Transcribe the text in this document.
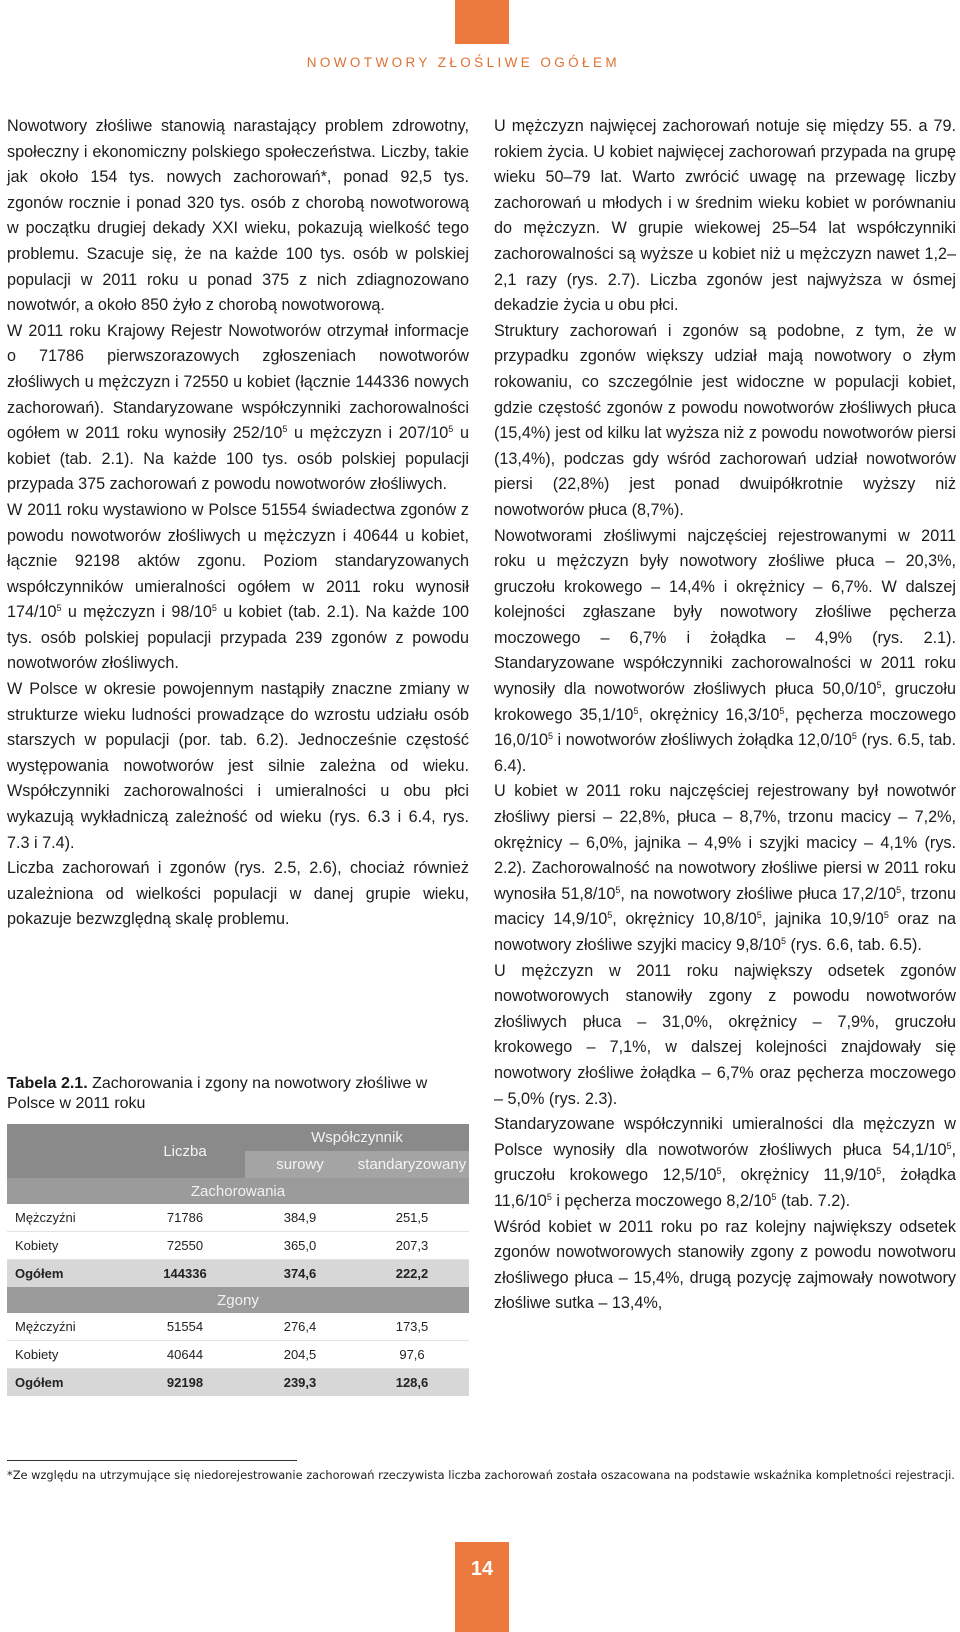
NOWOTWORY ZŁOŚLIWE OGÓŁEM

Nowotwory złośliwe stanowią narastający problem zdrowotny, społeczny i ekonomiczny polskiego społeczeństwa. Liczby, takie jak około 154 tys. nowych zachorowań*, ponad 92,5 tys. zgonów rocznie i ponad 320 tys. osób z chorobą nowotworową w początku drugiej dekady XXI wieku, pokazują wielkość tego problemu. Szacuje się, że na każde 100 tys. osób w polskiej populacji w 2011 roku u ponad 375 z nich zdiagnozowano nowotwór, a około 850 żyło z chorobą nowotworową.

W 2011 roku Krajowy Rejestr Nowotworów otrzymał informacje o 71786 pierwszorazowych zgłoszeniach nowotworów złośliwych u mężczyzn i 72550 u kobiet (łącznie 144336 nowych zachorowań). Standaryzowane współczynniki zachorowalności ogółem w 2011 roku wynosiły $252/10^5$ u mężczyzn i $207/10^5$ u kobiet (tab. 2.1). Na każde 100 tys. osób polskiej populacji przypada 375 zachorowań z powodu nowotworów złośliwych.

W 2011 roku wystawiono w Polsce 51554 świadectwa zgonów z powodu nowotworów złośliwych u mężczyzn i 40644 u kobiet, łącznie 92198 aktów zgonu. Poziom standaryzowanych współczynników umieralności ogółem w 2011 roku wynosił $174/10^5$ u mężczyzn i $98/10^5$ u kobiet (tab. 2.1). Na każde 100 tys. osób polskiej populacji przypada 239 zgonów z powodu nowotworów złośliwych.

W Polsce w okresie powojennym nastąpiły znaczne zmiany w strukturze wieku ludności prowadzące do wzrostu udziału osób starszych w populacji (por. tab. 6.2). Jednocześnie częstość występowania nowotworów jest silnie zależna od wieku. Współczynniki zachorowalności i umieralności u obu płci wykazują wykładniczą zależność od wieku (rys. 6.3 i 6.4, rys. 7.3 i 7.4).

Liczba zachorowań i zgonów (rys. 2.5, 2.6), chociaż również uzależniona od wielkości populacji w danej grupie wieku, pokazuje bezwzględną skalę problemu.

Tabela 2.1. Zachorowania i zgony na nowotwory złośliwe w Polsce w 2011 roku
	Liczba	Współczynnik	
		surowy	standaryzowany
Zachorowania			
Mężczyźni	71786	384,9	251,5
Kobiety	72550	365,0	207,3
Ogółem	144336	374,6	222,2
Zgony			
Mężczyźni	51554	276,4	173,5
Kobiety	40644	204,5	97,6
Ogółem	92198	239,3	128,6

U mężczyzn najwięcej zachorowań notuje się między 55. a 79. rokiem życia. U kobiet najwięcej zachorowań przypada na grupę wieku 50–79 lat. Warto zwrócić uwagę na przewagę liczby zachorowań u młodych i w średnim wieku kobiet w porównaniu do mężczyzn. W grupie wiekowej 25–54 lat współczynniki zachorowalności są wyższe u kobiet niż u mężczyzn nawet 1,2–2,1 razy (rys. 2.7). Liczba zgonów jest najwyższa w ósmej dekadzie życia u obu płci.

Struktury zachorowań i zgonów są podobne, z tym, że w przypadku zgonów większy udział mają nowotwory o złym rokowaniu, co szczególnie jest widoczne w populacji kobiet, gdzie częstość zgonów z powodu nowotworów złośliwych płuca (15,4%) jest od kilku lat wyższa niż z powodu nowotworów piersi (13,4%), podczas gdy wśród zachorowań udział nowotworów piersi (22,8%) jest ponad dwuipółkrotnie wyższy niż nowotworów płuca (8,7%).

Nowotworami złośliwymi najczęściej rejestrowanymi w 2011 roku u mężczyzn były nowotwory złośliwe płuca – 20,3%, gruczołu krokowego – 14,4% i okrężnicy – 6,7%. W dalszej kolejności zgłaszane były nowotwory złośliwe pęcherza moczowego – 6,7% i żołądka – 4,9% (rys. 2.1). Standaryzowane współczynniki zachorowalności w 2011 roku wynosiły dla nowotworów złośliwych płuca $50,0/10^5$, gruczołu krokowego $35,1/10^5$, okrężnicy $16,3/10^5$, pęcherza moczowego $16,0/10^5$ i nowotworów złośliwych żołądka $12,0/10^5$ (rys. 6.5, tab. 6.4).

U kobiet w 2011 roku najczęściej rejestrowany był nowotwór złośliwy piersi – 22,8%, płuca – 8,7%, trzonu macicy – 7,2%, okrężnicy – 6,0%, jajnika – 4,9% i szyjki macicy – 4,1% (rys. 2.2). Zachorowalność na nowotwory złośliwe piersi w 2011 roku wynosiła $51,8/10^5$, na nowotwory złośliwe płuca $17,2/10^5$, trzonu macicy $14,9/10^5$, okrężnicy $10,8/10^5$, jajnika $10,9/10^5$ oraz na nowotwory złośliwe szyjki macicy $9,8/10^5$ (rys. 6.6, tab. 6.5).

U mężczyzn w 2011 roku największy odsetek zgonów nowotworowych stanowiły zgony z powodu nowotworów złośliwych płuca – 31,0%, okrężnicy – 7,9%, gruczołu krokowego – 7,1%, w dalszej kolejności znajdowały się nowotwory złośliwe żołądka – 6,7% oraz pęcherza moczowego – 5,0% (rys. 2.3).

Standaryzowane współczynniki umieralności dla mężczyzn w Polsce wynosiły dla nowotworów złośliwych płuca $54,1/10^5$, gruczołu krokowego $12,5/10^5$, okrężnicy $11,9/10^5$, żołądka $11,6/10^5$ i pęcherza moczowego $8,2/10^5$ (tab. 7.2).

Wśród kobiet w 2011 roku po raz kolejny największy odsetek zgonów nowotworowych stanowiły zgony z powodu nowotworu złośliwego płuca – 15,4%, drugą pozycję zajmowały nowotwory złośliwe sutka – 13,4%,

*Ze względu na utrzymujące się niedorejestrowanie zachorowań rzeczywista liczba zachorowań została oszacowana na podstawie wskaźnika kompletności rejestracji.
14
